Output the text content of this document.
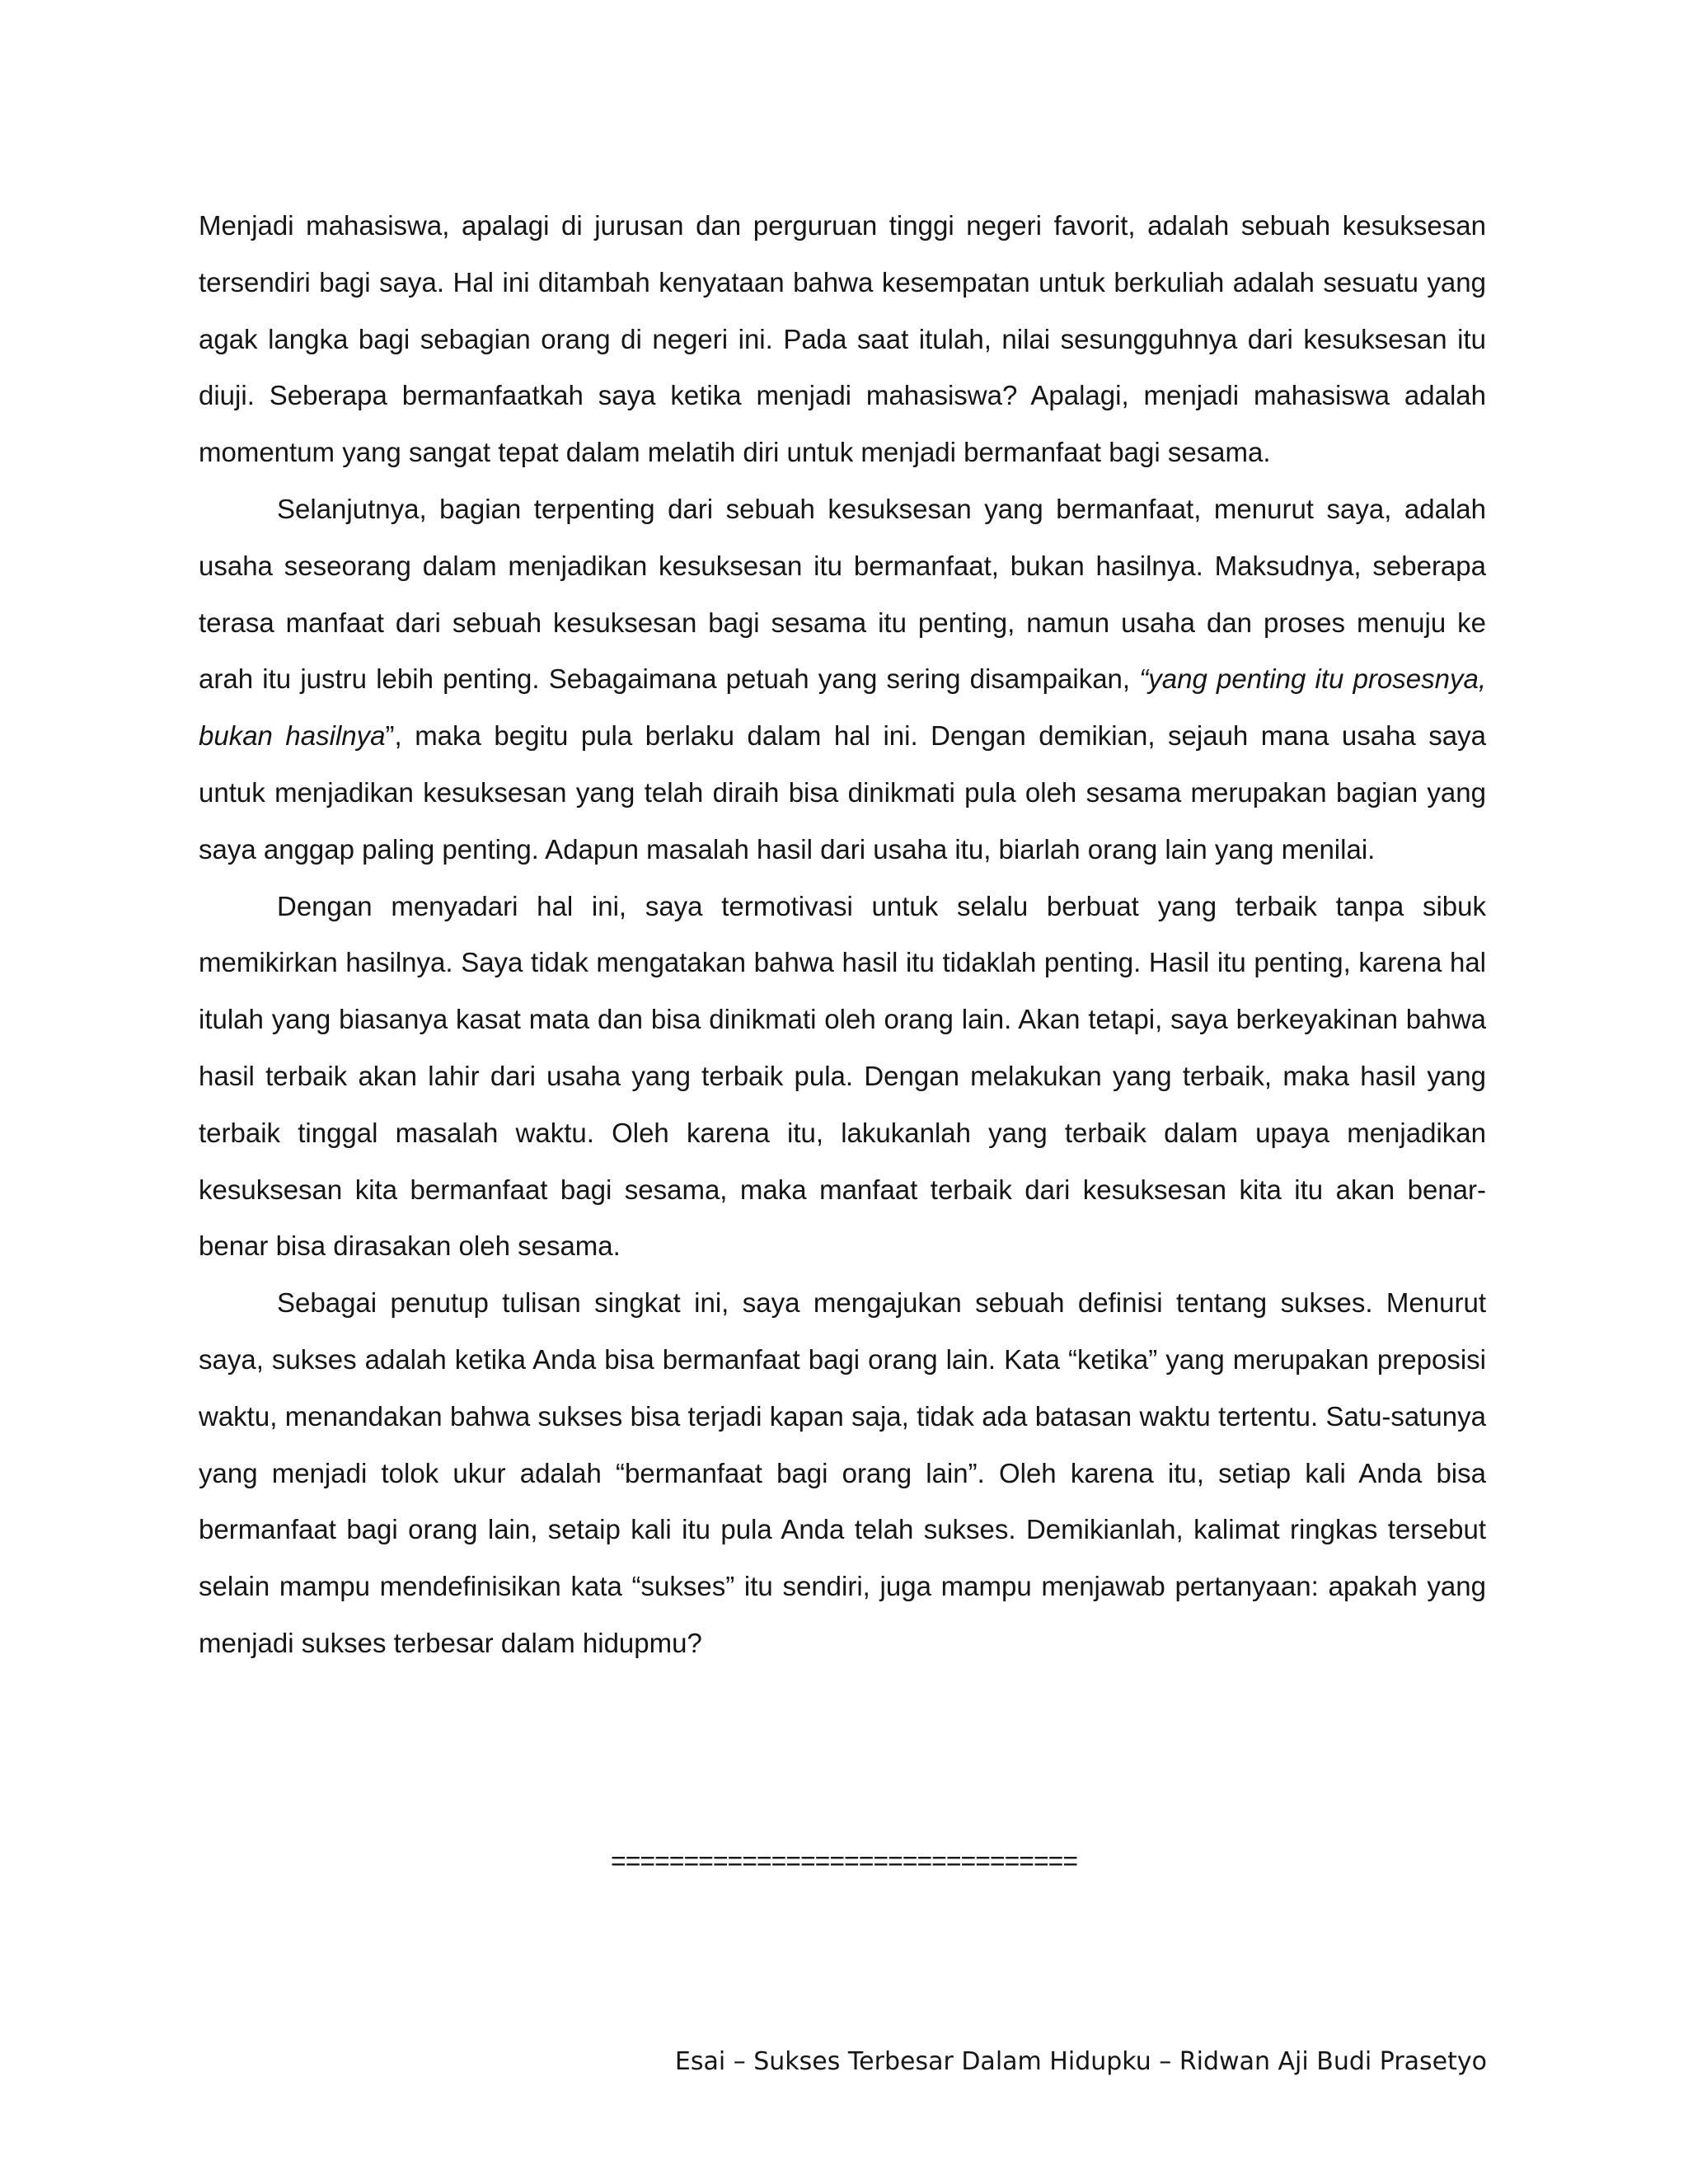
Menjadi mahasiswa, apalagi di jurusan dan perguruan tinggi negeri favorit, adalah sebuah kesuksesan tersendiri bagi saya. Hal ini ditambah kenyataan bahwa kesempatan untuk berkuliah adalah sesuatu yang agak langka bagi sebagian orang di negeri ini. Pada saat itulah, nilai sesungguhnya dari kesuksesan itu diuji. Seberapa bermanfaatkah saya ketika menjadi mahasiswa? Apalagi, menjadi mahasiswa adalah momentum yang sangat tepat dalam melatih diri untuk menjadi bermanfaat bagi sesama.

Selanjutnya, bagian terpenting dari sebuah kesuksesan yang bermanfaat, menurut saya, adalah usaha seseorang dalam menjadikan kesuksesan itu bermanfaat, bukan hasilnya. Maksudnya, seberapa terasa manfaat dari sebuah kesuksesan bagi sesama itu penting, namun usaha dan proses menuju ke arah itu justru lebih penting. Sebagaimana petuah yang sering disampaikan, “yang penting itu prosesnya, bukan hasilnya”, maka begitu pula berlaku dalam hal ini. Dengan demikian, sejauh mana usaha saya untuk menjadikan kesuksesan yang telah diraih bisa dinikmati pula oleh sesama merupakan bagian yang saya anggap paling penting. Adapun masalah hasil dari usaha itu, biarlah orang lain yang menilai.

Dengan menyadari hal ini, saya termotivasi untuk selalu berbuat yang terbaik tanpa sibuk memikirkan hasilnya. Saya tidak mengatakan bahwa hasil itu tidaklah penting. Hasil itu penting, karena hal itulah yang biasanya kasat mata dan bisa dinikmati oleh orang lain. Akan tetapi, saya berkeyakinan bahwa hasil terbaik akan lahir dari usaha yang terbaik pula. Dengan melakukan yang terbaik, maka hasil yang terbaik tinggal masalah waktu. Oleh karena itu, lakukanlah yang terbaik dalam upaya menjadikan kesuksesan kita bermanfaat bagi sesama, maka manfaat terbaik dari kesuksesan kita itu akan benar-benar bisa dirasakan oleh sesama.

Sebagai penutup tulisan singkat ini, saya mengajukan sebuah definisi tentang sukses. Menurut saya, sukses adalah ketika Anda bisa bermanfaat bagi orang lain. Kata “ketika” yang merupakan preposisi waktu, menandakan bahwa sukses bisa terjadi kapan saja, tidak ada batasan waktu tertentu. Satu-satunya yang menjadi tolok ukur adalah “bermanfaat bagi orang lain”. Oleh karena itu, setiap kali Anda bisa bermanfaat bagi orang lain, setaip kali itu pula Anda telah sukses. Demikianlah, kalimat ringkas tersebut selain mampu mendefinisikan kata “sukses” itu sendiri, juga mampu menjawab pertanyaan: apakah yang menjadi sukses terbesar dalam hidupmu?

================================
Esai – Sukses Terbesar Dalam Hidupku – Ridwan Aji Budi Prasetyo
